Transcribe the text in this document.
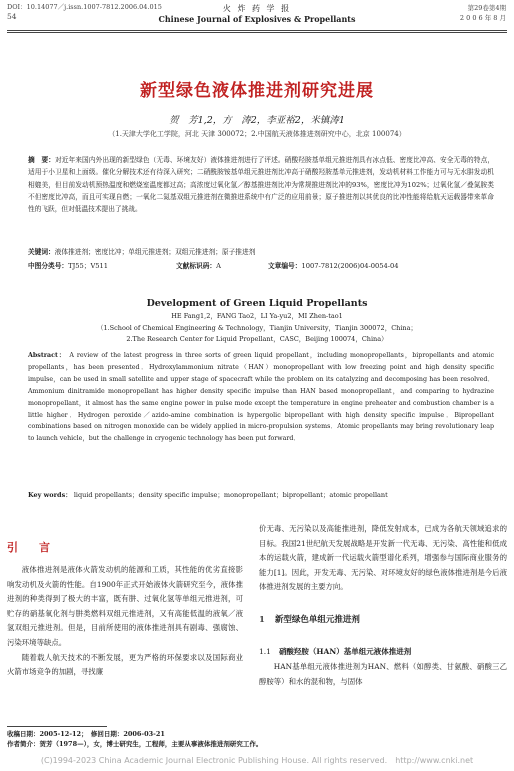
DOI：10.14077／j.issn.1007-7812.2006.04.015
54
火 炸 药 学 报
Chinese Journal of Explosives & Propellants
第29卷第4期
2 0 0 6 年 8 月
新型绿色液体推进剂研究进展
贺　芳1,2，方　涛2，李亚裕2，米镇涛1
（1.天津大学化工学院，河北 天津 300072；2.中国航天液体推进剂研究中心，北京 100074）
摘　要：对近年来国内外出现的新型绿色（无毒、环境友好）液体推进剂进行了评述。硝酸羟胺基单组元推进剂具有冰点低、密度比冲高、安全无毒的特点，适用于小卫星和上面级。催化分解技术还有待深入研究；二硝酰胺铵基单组元推进剂比冲高于硝酸羟胺基单元推进剂，发动机材料工作能力可与无水肼发动机相媲美，但目前发动机预热温度和燃烧室温度都过高；高浓度过氧化氢／醇基推进剂比冲为常规推进剂比冲的93%，密度比冲为102%；过氧化氢／叠氮胺类不但密度比冲高，而且可实现自燃；一氧化二氮基双组元推进剂在微推进系统中有广泛的应用前景；原子推进剂以其优良的比冲性能将给航天运载器带来革命性的飞跃，但对低温技术提出了挑战。
关键词：液体推进剂；密度比冲；单组元推进剂；双组元推进剂；原子推进剂
中图分类号：TJ55；V511	文献标识码：A	文章编号：1007-7812(2006)04-0054-04
Development of Green Liquid Propellants
HE Fang1,2，FANG Tao2，LI Ya-yu2，MI Zhen-tao1
（1.School of Chemical Engineering & Technology，Tianjin University，Tianjin 300072，China；
2.The Research Center for Liquid Propellant，CASC，Beijing 100074，China）
Abstract： A review of the latest progress in three sorts of green liquid propellant，including monopropellants，bipropellants and atomic propellants，has been presented．Hydroxylammonium nitrate（HAN）monopropellant with low freezing point and high density specific impulse，can be used in small satellite and upper stage of spacecraft while the problem on its catalyzing and decomposing has been resolved．Ammonium dinitramide monopropellant has higher density specific impulse than HAN based monopropellant，and comparing to hydrazine monopropellant，it almost has the same engine power in pulse mode except the temperature in engine preheater and combustion chamber is a little higher．Hydrogen peroxide／azido-amine combination is hypergolic bipropellant with high density specific impulse．Bipropellant combinations based on nitrogen monoxide can be widely applied in micro-propulsion systems．Atomic propellants may bring revolutionary leap to launch vehicle，but the challenge in cryogenic technology has been put forward．
Key words： liquid propellants；density specific impulse；monopropellant；bipropellant；atomic propellant
引　言

液体推进剂是液体火箭发动机的能源和工质，其性能的优劣直接影响发动机及火箭的性能。自1900年正式开始液体火箭研究至今，液体推进剂的种类得到了极大的丰富，既有肼、过氧化氢等单组元推进剂，可贮存的硝基氧化剂与肼类燃料双组元推进剂，又有高能低温的液氧／液氢双组元推进剂。但是，目前所使用的液体推进剂具有剧毒、强腐蚀、污染环境等缺点。

随着载人航天技术的不断发展，更为严格的环保要求以及国际商业火箭市场竞争的加剧，寻找廉

价无毒、无污染以及高能推进剂，降低发射成本，已成为各航天领域追求的目标。我国21世纪航天发展战略是开发新一代无毒、无污染、高性能和低成本的运载火箭，建成新一代运载火箭型谱化系列，增强参与国际商业服务的能力[1]。因此，开发无毒、无污染、对环境友好的绿色液体推进剂是今后液体推进剂发展的主要方向。

1 新型绿色单组元推进剂
1.1 硝酸羟胺（HAN）基单组元液体推进剂

HAN基单组元液体推进剂为HAN、燃料（如醇类、甘氨酸、硝酸三乙醇胺等）和水的混和物，与固体

收稿日期：2005-12-12；　修回日期：2006-03-21
作者简介：贺芳（1978—），女，博士研究生，工程师，主要从事液体推进剂研究工作。
(C)1994-2023 China Academic Journal Electronic Publishing House. All rights reserved.　http://www.cnki.net
